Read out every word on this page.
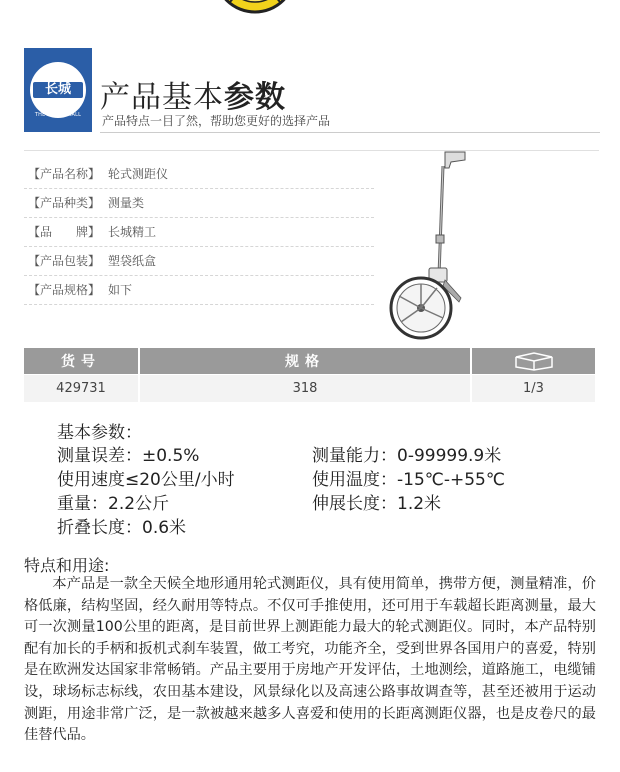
长城
THE GREAT WALL 产品基本参数
产品特点一目了然，帮助您更好的选择产品
【产品名称】 轮式测距仪
【产品种类】 测量类
【品　　牌】 长城精工
【产品包装】 塑袋纸盒
【产品规格】 如下
货号	规格
429731	318	1/3
基本参数：
测量误差：±0.5%	测量能力：0-99999.9米
使用速度≤20公里/小时	使用温度：-15℃-+55℃
重量：2.2公斤	伸展长度：1.2米
折叠长度：0.6米
特点和用途:
本产品是一款全天候全地形通用轮式测距仪，具有使用简单，携带方便，测量精准，价格低廉，结构坚固，经久耐用等特点。不仅可手推使用，还可用于车载超长距离测量，最大可一次测量100公里的距离，是目前世界上测距能力最大的轮式测距仪。同时，本产品特别配有加长的手柄和扳机式刹车装置，做工考究，功能齐全，受到世界各国用户的喜爱，特别是在欧洲发达国家非常畅销。产品主要用于房地产开发评估，土地测绘，道路施工，电缆铺设，球场标志标线，农田基本建设，风景绿化以及高速公路事故调查等，甚至还被用于运动测距，用途非常广泛，是一款被越来越多人喜爱和使用的长距离测距仪器，也是皮卷尺的最佳替代品。
